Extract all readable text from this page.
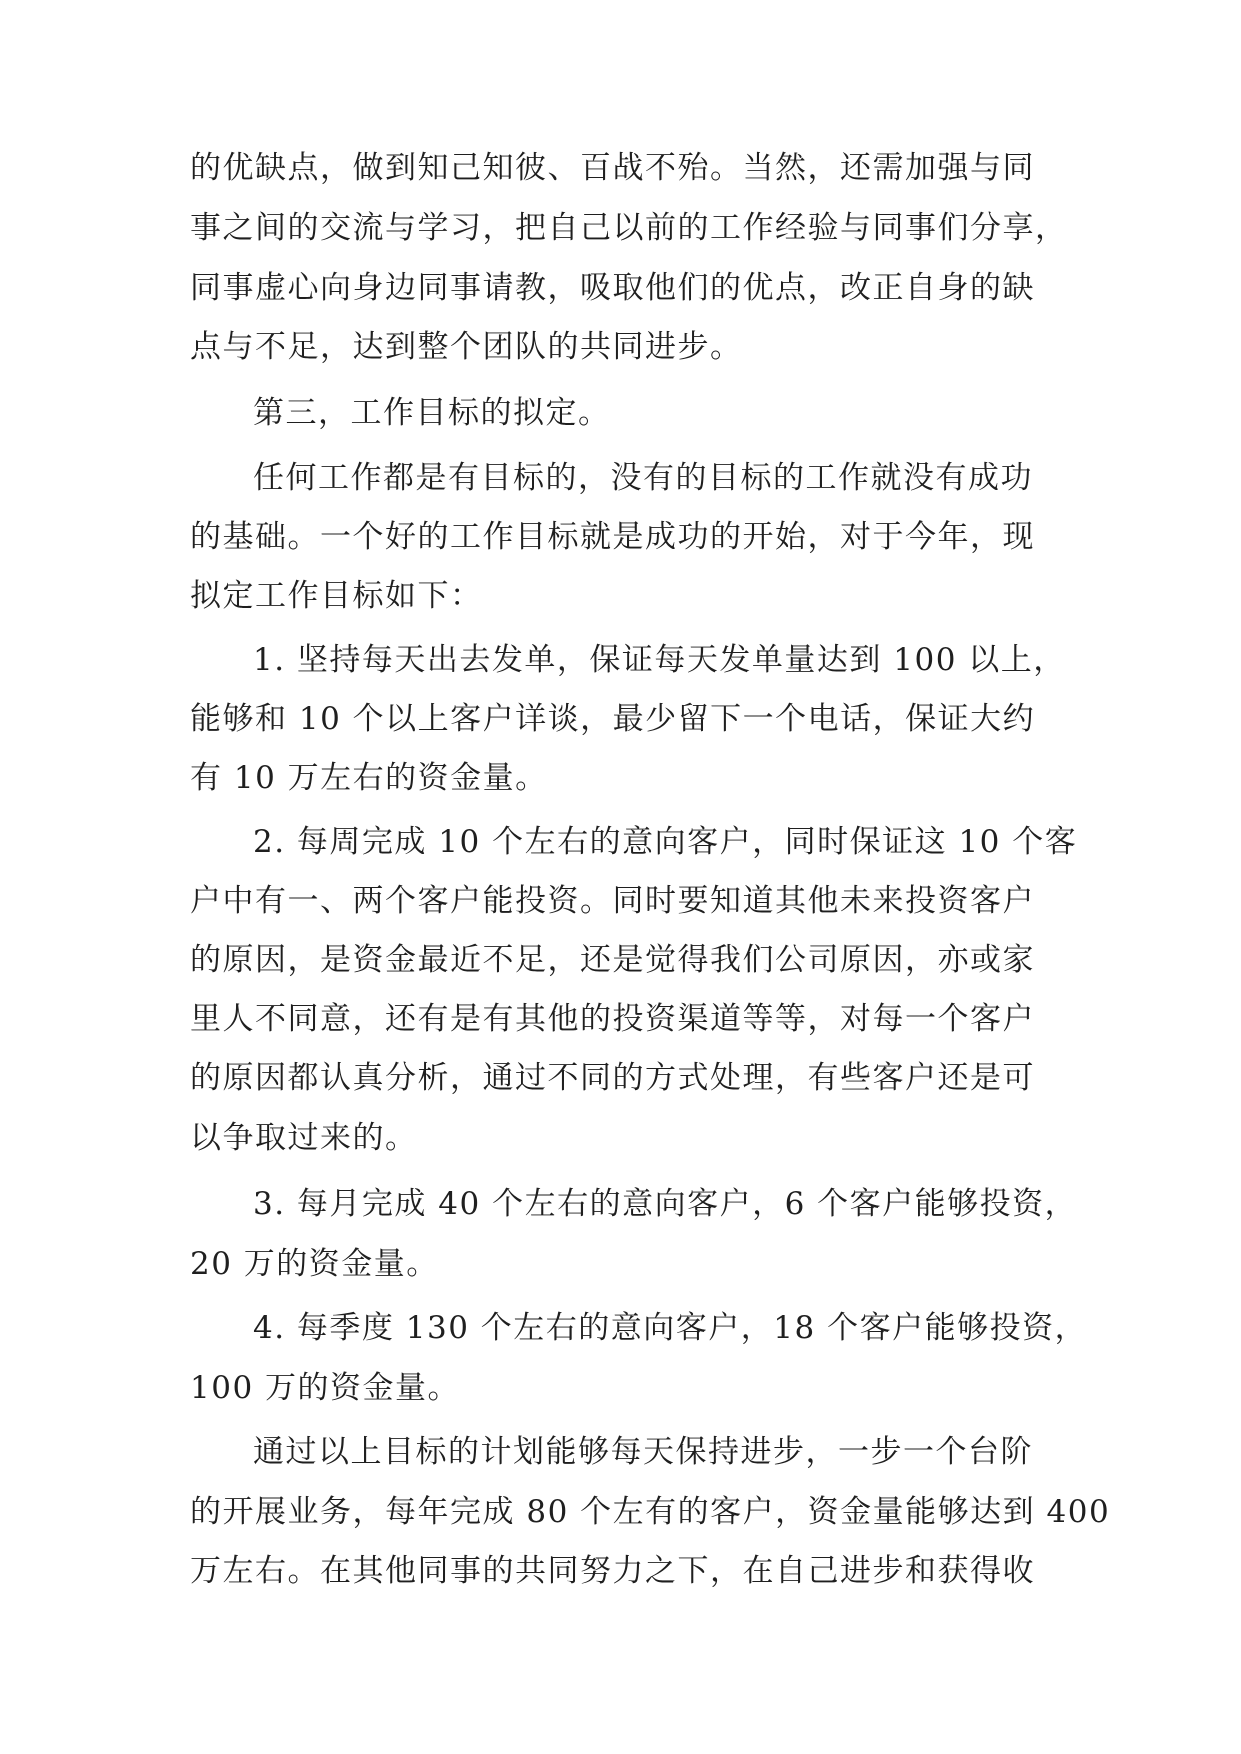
的优缺点，做到知己知彼、百战不殆。当然，还需加强与同
事之间的交流与学习，把自己以前的工作经验与同事们分享，
同事虚心向身边同事请教，吸取他们的优点，改正自身的缺
点与不足，达到整个团队的共同进步。
第三，工作目标的拟定。
任何工作都是有目标的，没有的目标的工作就没有成功
的基础。一个好的工作目标就是成功的开始，对于今年，现
拟定工作目标如下：
1. 坚持每天出去发单，保证每天发单量达到 100 以上，
能够和 10 个以上客户详谈，最少留下一个电话，保证大约
有 10 万左右的资金量。
2. 每周完成 10 个左右的意向客户，同时保证这 10 个客
户中有一、两个客户能投资。同时要知道其他未来投资客户
的原因，是资金最近不足，还是觉得我们公司原因，亦或家
里人不同意，还有是有其他的投资渠道等等，对每一个客户
的原因都认真分析，通过不同的方式处理，有些客户还是可
以争取过来的。
3. 每月完成 40 个左右的意向客户，6 个客户能够投资，
20 万的资金量。
4. 每季度 130 个左右的意向客户，18 个客户能够投资，
100 万的资金量。
通过以上目标的计划能够每天保持进步，一步一个台阶
的开展业务，每年完成 80 个左有的客户，资金量能够达到 400
万左右。在其他同事的共同努力之下，在自己进步和获得收
